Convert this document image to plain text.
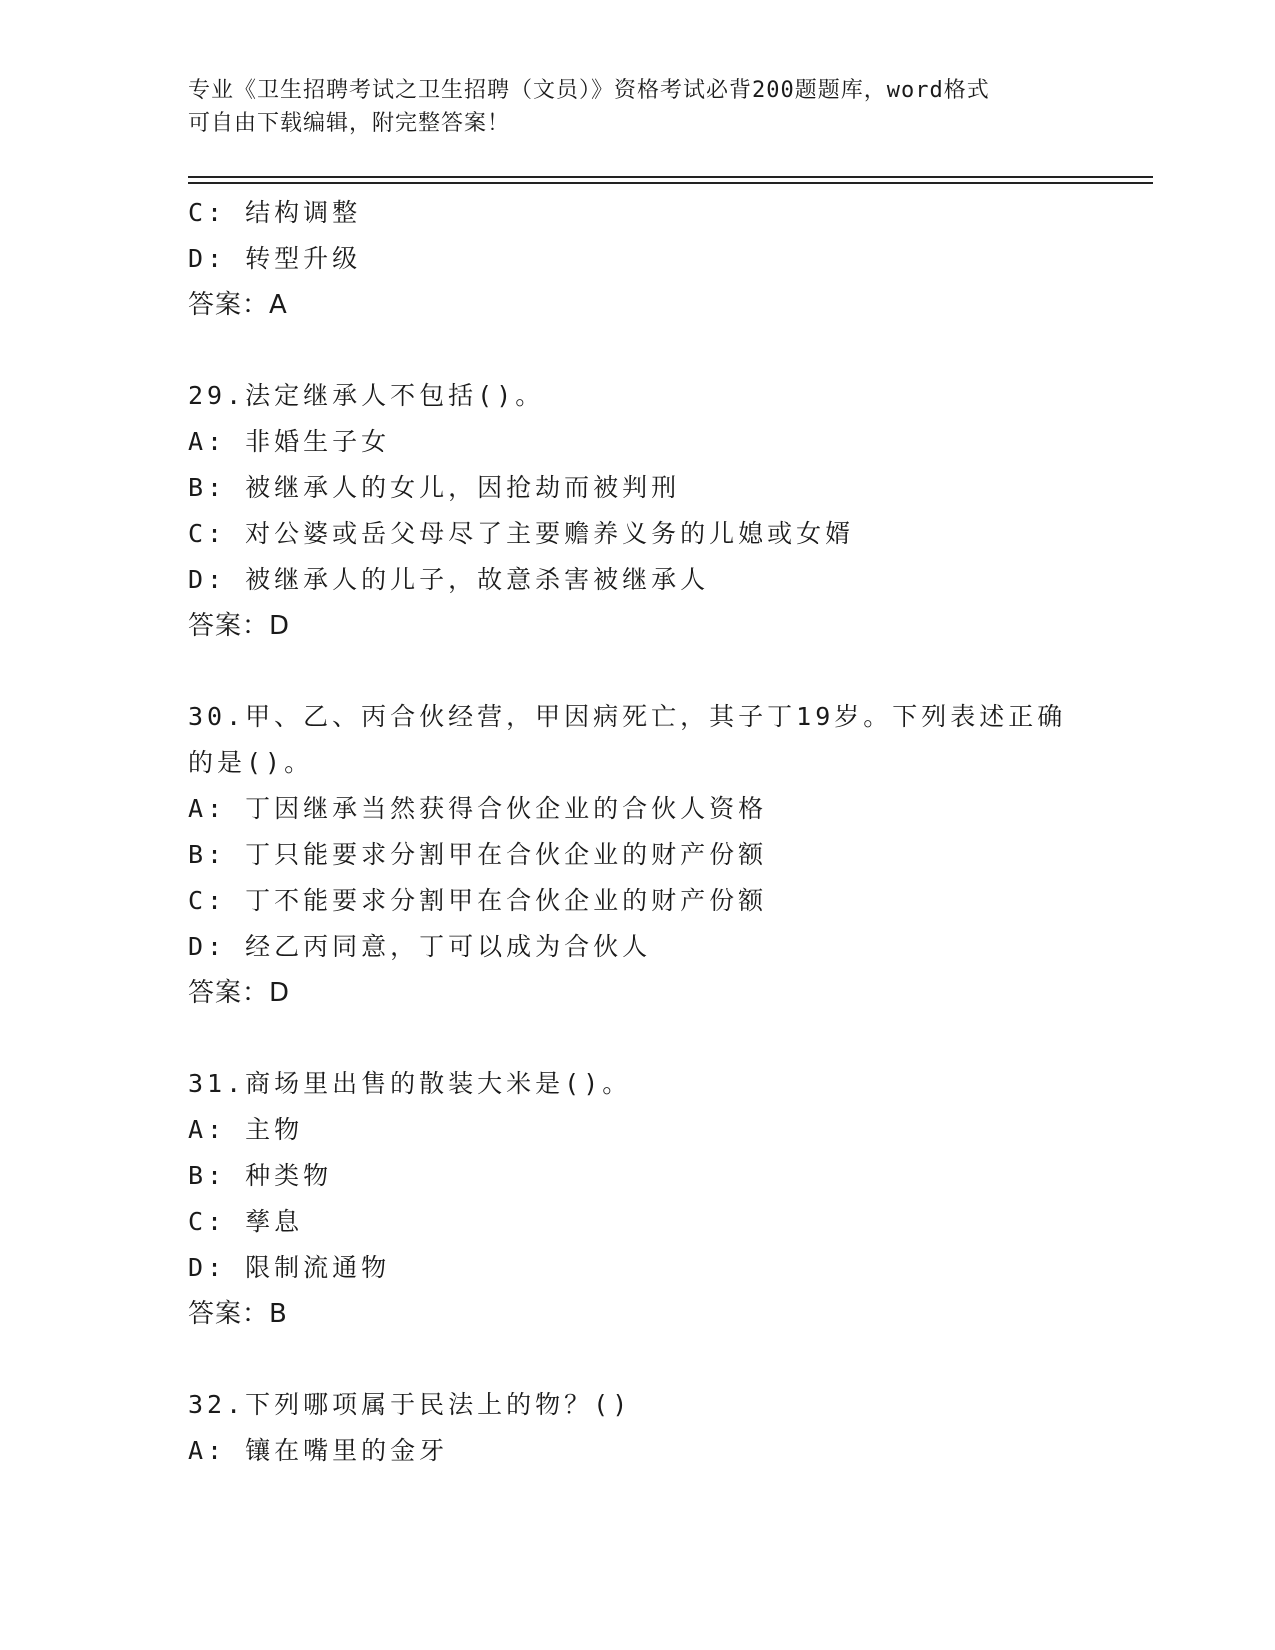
专业《卫生招聘考试之卫生招聘（文员）》资格考试必背200题题库，word格式
可自由下载编辑，附完整答案！
C: 结构调整
D: 转型升级
答案：A
29.法定继承人不包括()。
A: 非婚生子女
B: 被继承人的女儿，因抢劫而被判刑
C: 对公婆或岳父母尽了主要赡养义务的儿媳或女婿
D: 被继承人的儿子，故意杀害被继承人
答案：D
30.甲、乙、丙合伙经营，甲因病死亡，其子丁19岁。下列表述正确
的是()。
A: 丁因继承当然获得合伙企业的合伙人资格
B: 丁只能要求分割甲在合伙企业的财产份额
C: 丁不能要求分割甲在合伙企业的财产份额
D: 经乙丙同意，丁可以成为合伙人
答案：D
31.商场里出售的散装大米是()。
A: 主物
B: 种类物
C: 孳息
D: 限制流通物
答案：B
32.下列哪项属于民法上的物？()
A: 镶在嘴里的金牙
